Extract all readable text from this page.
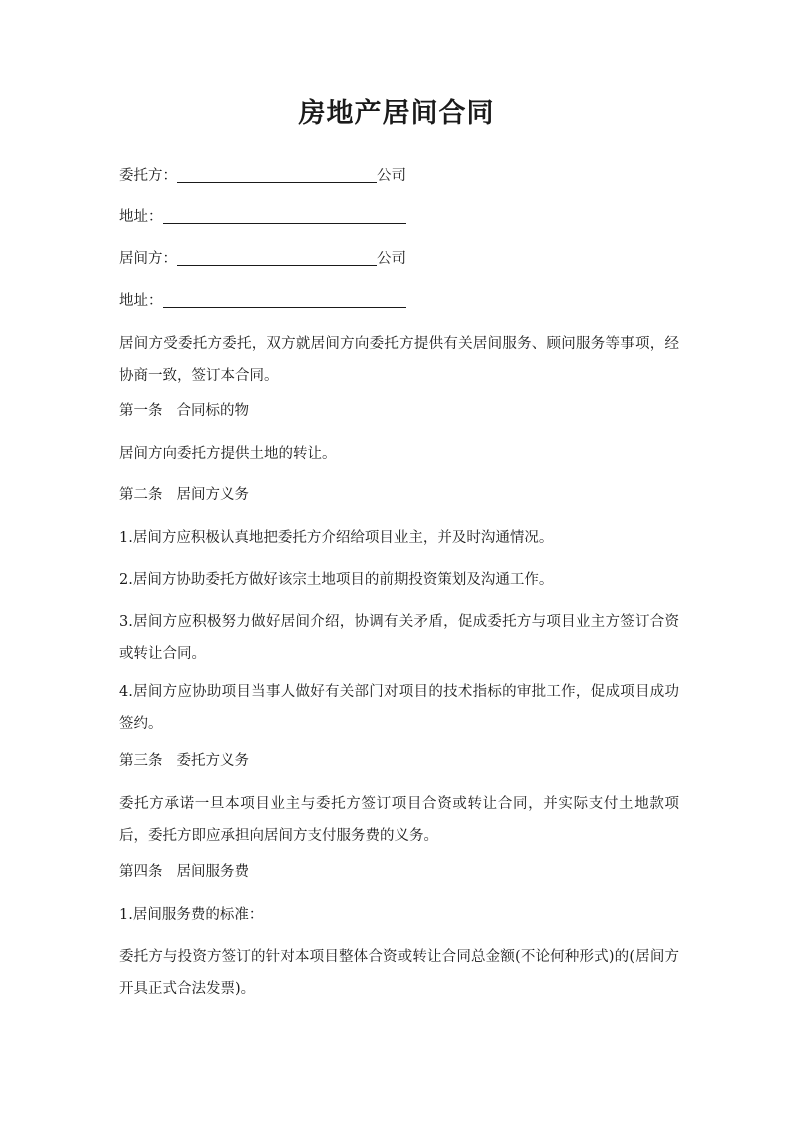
房地产居间合同
委托方：	公司
地址：
居间方：	公司
地址：
居间方受委托方委托，双方就居间方向委托方提供有关居间服务、顾问服务等事项，经协商一致，签订本合同。
第一条 合同标的物
居间方向委托方提供土地的转让。
第二条 居间方义务
1.居间方应积极认真地把委托方介绍给项目业主，并及时沟通情况。
2.居间方协助委托方做好该宗土地项目的前期投资策划及沟通工作。
3.居间方应积极努力做好居间介绍，协调有关矛盾，促成委托方与项目业主方签订合资或转让合同。
4.居间方应协助项目当事人做好有关部门对项目的技术指标的审批工作，促成项目成功签约。
第三条 委托方义务
委托方承诺一旦本项目业主与委托方签订项目合资或转让合同，并实际支付土地款项后，委托方即应承担向居间方支付服务费的义务。
第四条 居间服务费
1.居间服务费的标准：
委托方与投资方签订的针对本项目整体合资或转让合同总金额(不论何种形式)的(居间方开具正式合法发票)。
